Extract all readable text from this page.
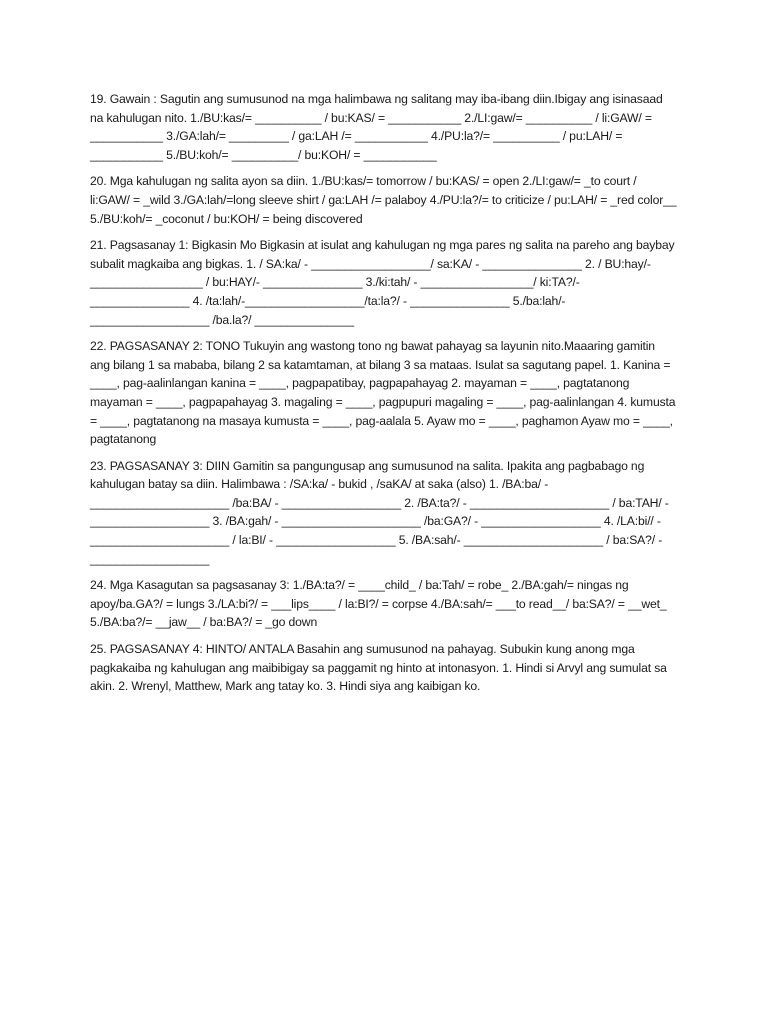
19. Gawain : Sagutin ang sumusunod na mga halimbawa ng salitang may iba-ibang diin.Ibigay ang isinasaad na kahulugan nito. 1./BU:kas/= __________ / bu:KAS/ = ___________ 2./LI:gaw/= __________ / li:GAW/ = ___________ 3./GA:lah/= _________ / ga:LAH /= ___________ 4./PU:la?/= __________ / pu:LAH/ = ___________ 5./BU:koh/= __________/ bu:KOH/ = ___________

20. Mga kahulugan ng salita ayon sa diin. 1./BU:kas/= tomorrow / bu:KAS/ = open 2./LI:gaw/= _to court / li:GAW/ = _wild 3./GA:lah/=long sleeve shirt / ga:LAH /= palaboy 4./PU:la?/= to criticize / pu:LAH/ = _red color__ 5./BU:koh/= _coconut / bu:KOH/ = being discovered

21. Pagsasanay 1: Bigkasin Mo Bigkasin at isulat ang kahulugan ng mga pares ng salita na pareho ang baybay subalit magkaiba ang bigkas. 1. / SA:ka/ - __________________/ sa:KA/ - _______________ 2. / BU:hay/-_________________ / bu:HAY/- _______________ 3./ki:tah/ - _________________/ ki:TA?/- _______________ 4. /ta:lah/-__________________/ta:la?/ - _______________ 5./ba:lah/- __________________ /ba.la?/ _______________

22. PAGSASANAY 2: TONO Tukuyin ang wastong tono ng bawat pahayag sa layunin nito.Maaaring gamitin ang bilang 1 sa mababa, bilang 2 sa katamtaman, at bilang 3 sa mataas. Isulat sa sagutang papel. 1. Kanina = ____, pag-aalinlangan kanina = ____, pagpapatibay, pagpapahayag 2. mayaman = ____, pagtatanong mayaman = ____, pagpapahayag 3. magaling = ____, pagpupuri magaling = ____, pag-aalinlangan 4. kumusta = ____, pagtatanong na masaya kumusta = ____, pag-aalala 5. Ayaw mo = ____, paghamon Ayaw mo = ____, pagtatanong

23. PAGSASANAY 3: DIIN Gamitin sa pangungusap ang sumusunod na salita. Ipakita ang pagbabago ng kahulugan batay sa diin. Halimbawa : /SA:ka/ - bukid , /saKA/ at saka (also) 1. /BA:ba/ - _____________________ /ba:BA/ - __________________ 2. /BA:ta?/ - _____________________ / ba:TAH/ - __________________ 3. /BA:gah/ - _____________________ /ba:GA?/ - __________________ 4. /LA:bi// - _____________________ / la:BI/ - __________________ 5. /BA:sah/- _____________________ / ba:SA?/ - __________________

24. Mga Kasagutan sa pagsasanay 3: 1./BA:ta?/ = ____child_ / ba:Tah/ = robe_ 2./BA:gah/= ningas ng apoy/ba.GA?/ = lungs 3./LA:bi?/ = ___lips____ / la:BI?/ = corpse 4./BA:sah/= ___to read__/ ba:SA?/ = __wet_ 5./BA:ba?/= __jaw__ / ba:BA?/ = _go down

25. PAGSASANAY 4: HINTO/ ANTALA Basahin ang sumusunod na pahayag. Subukin kung anong mga pagkakaiba ng kahulugan ang maibibigay sa paggamit ng hinto at intonasyon. 1. Hindi si Arvyl ang sumulat sa akin. 2. Wrenyl, Matthew, Mark ang tatay ko. 3. Hindi siya ang kaibigan ko.
